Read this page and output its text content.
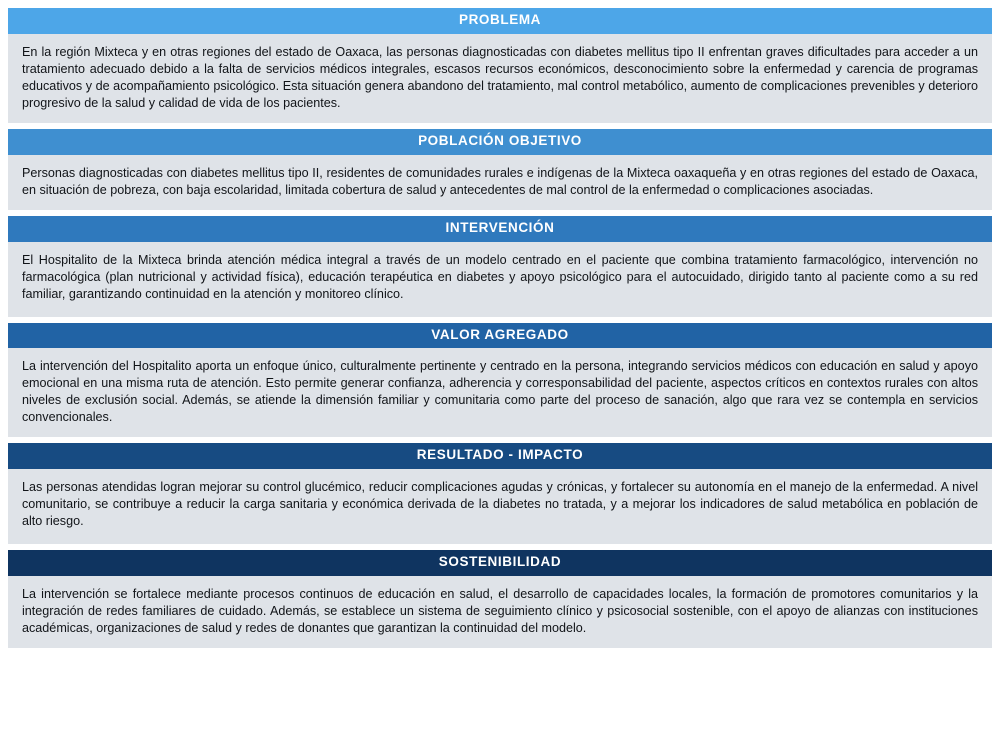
PROBLEMA
En la región Mixteca y en otras regiones del estado de Oaxaca, las personas diagnosticadas con diabetes mellitus tipo II enfrentan graves dificultades para acceder a un tratamiento adecuado debido a la falta de servicios médicos integrales, escasos recursos económicos, desconocimiento sobre la enfermedad y carencia de programas educativos y de acompañamiento psicológico. Esta situación genera abandono del tratamiento, mal control metabólico, aumento de complicaciones prevenibles y deterioro progresivo de la salud y calidad de vida de los pacientes.
POBLACIÓN OBJETIVO
Personas diagnosticadas con diabetes mellitus tipo II, residentes de comunidades rurales e indígenas de la Mixteca oaxaqueña y en otras regiones del estado de Oaxaca, en situación de pobreza, con baja escolaridad, limitada cobertura de salud y antecedentes de mal control de la enfermedad o complicaciones asociadas.
INTERVENCIÓN
El Hospitalito de la Mixteca brinda atención médica integral a través de un modelo centrado en el paciente que combina tratamiento farmacológico, intervención no farmacológica (plan nutricional y actividad física), educación terapéutica en diabetes y apoyo psicológico para el autocuidado, dirigido tanto al paciente como a su red familiar, garantizando continuidad en la atención y monitoreo clínico.
VALOR AGREGADO
La intervención del Hospitalito aporta un enfoque único, culturalmente pertinente y centrado en la persona, integrando servicios médicos con educación en salud y apoyo emocional en una misma ruta de atención. Esto permite generar confianza, adherencia y corresponsabilidad del paciente, aspectos críticos en contextos rurales con altos niveles de exclusión social. Además, se atiende la dimensión familiar y comunitaria como parte del proceso de sanación, algo que rara vez se contempla en servicios convencionales.
RESULTADO - IMPACTO
Las personas atendidas logran mejorar su control glucémico, reducir complicaciones agudas y crónicas, y fortalecer su autonomía en el manejo de la enfermedad. A nivel comunitario, se contribuye a reducir la carga sanitaria y económica derivada de la diabetes no tratada, y a mejorar los indicadores de salud metabólica en población de alto riesgo.
SOSTENIBILIDAD
La intervención se fortalece mediante procesos continuos de educación en salud, el desarrollo de capacidades locales, la formación de promotores comunitarios y la integración de redes familiares de cuidado. Además, se establece un sistema de seguimiento clínico y psicosocial sostenible, con el apoyo de alianzas con instituciones académicas, organizaciones de salud y redes de donantes que garantizan la continuidad del modelo.
